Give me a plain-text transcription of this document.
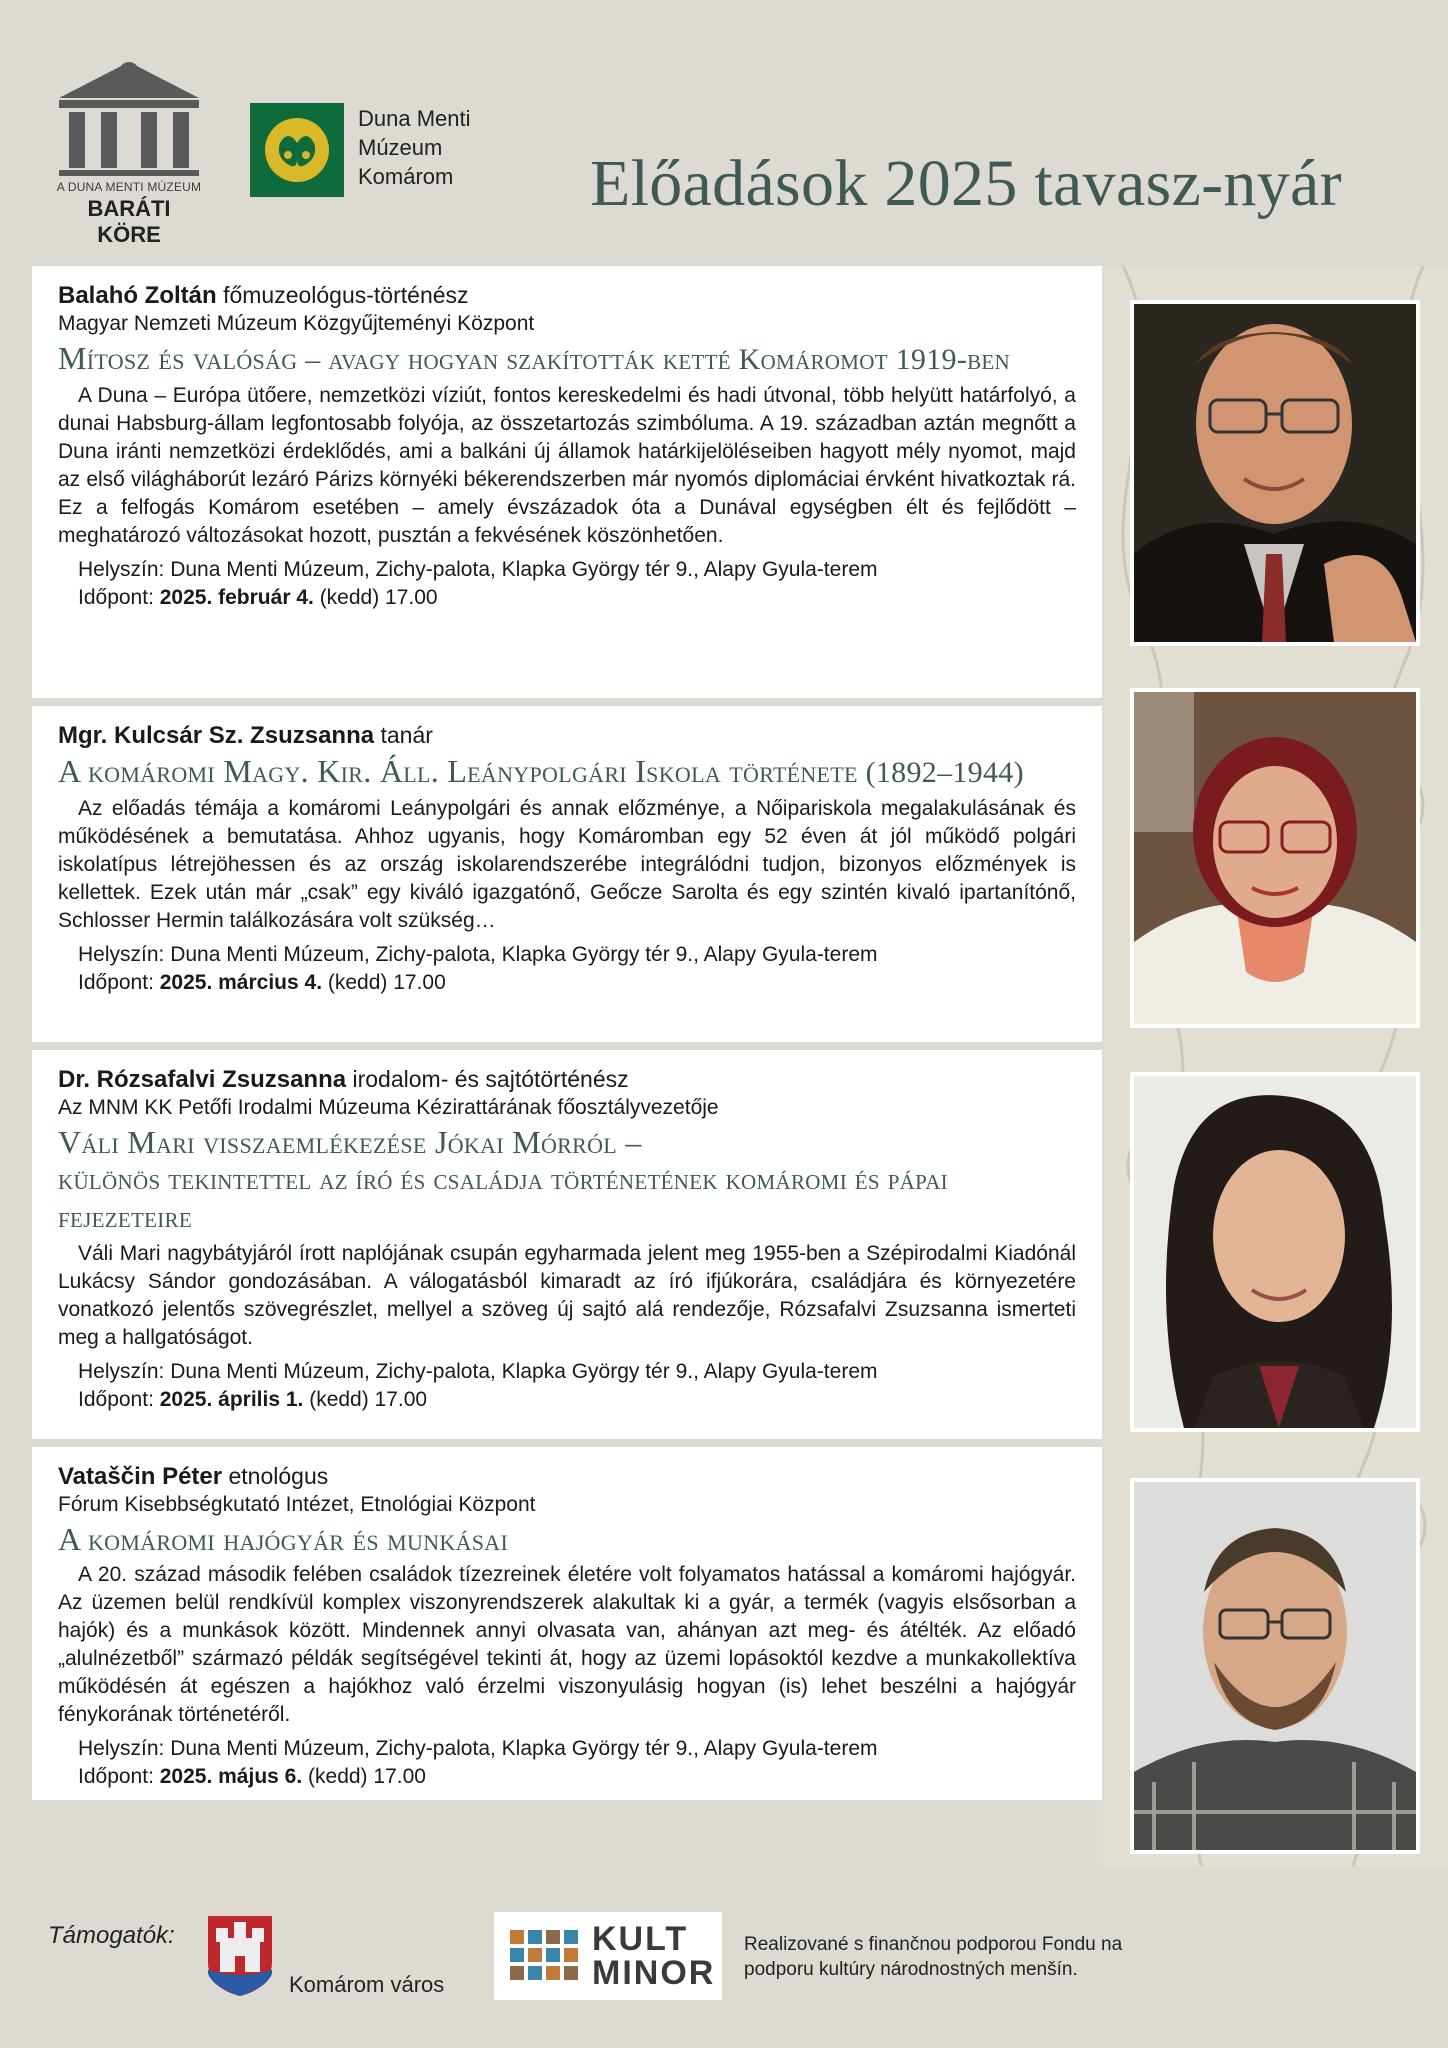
A DUNA MENTI MÚZEUM
BARÁTI KÖRE
Duna Menti
Múzeum
Komárom	Előadások 2025 tavasz-nyár
Balahó Zoltán főmuzeológus-történész
Magyar Nemzeti Múzeum Közgyűjteményi Központ
Mítosz és valóság – avagy hogyan szakították ketté Komáromot 1919-ben
A Duna – Európa ütőere, nemzetközi víziút, fontos kereskedelmi és hadi útvonal, több helyütt határfolyó, a dunai Habsburg-állam legfontosabb folyója, az összetartozás szimbóluma. A 19. században aztán megnőtt a Duna iránti nemzetközi érdeklődés, ami a balkáni új államok határkijelöléseiben hagyott mély nyomot, majd az első világháborút lezáró Párizs környéki békerendszerben már nyomós diplomáciai érvként hivatkoztak rá. Ez a felfogás Komárom esetében – amely évszázadok óta a Dunával egységben élt és fejlődött – meghatározó változásokat hozott, pusztán a fekvésének köszönhetően.
Helyszín: Duna Menti Múzeum, Zichy-palota, Klapka György tér 9., Alapy Gyula-terem
Időpont: 2025. február 4. (kedd) 17.00
Mgr. Kulcsár Sz. Zsuzsanna tanár
A komáromi Magy. Kir. Áll. Leánypolgári Iskola története (1892–1944)
Az előadás témája a komáromi Leánypolgári és annak előzménye, a Nőipariskola megalakulásának és működésének a bemutatása. Ahhoz ugyanis, hogy Komáromban egy 52 éven át jól működő polgári iskolatípus létrejöhessen és az ország iskolarendszerébe integrálódni tudjon, bizonyos előzmények is kellettek. Ezek után már „csak” egy kiváló igazgatónő, Geőcze Sarolta és egy szintén kivaló ipartanítónő, Schlosser Hermin találkozására volt szükség…
Helyszín: Duna Menti Múzeum, Zichy-palota, Klapka György tér 9., Alapy Gyula-terem
Időpont: 2025. március 4. (kedd) 17.00
Dr. Rózsafalvi Zsuzsanna irodalom- és sajtótörténész
Az MNM KK Petőfi Irodalmi Múzeuma Kézirattárának főosztályvezetője
Váli Mari visszaemlékezése Jókai Mórról –
különös tekintettel az író és családja történetének komáromi és pápai fejezeteire
Váli Mari nagybátyjáról írott naplójának csupán egyharmada jelent meg 1955-ben a Szépirodalmi Kiadónál Lukácsy Sándor gondozásában. A válogatásból kimaradt az író ifjúkorára, családjára és környezetére vonatkozó jelentős szövegrészlet, mellyel a szöveg új sajtó alá rendezője, Rózsafalvi Zsuzsanna ismerteti meg a hallgatóságot.
Helyszín: Duna Menti Múzeum, Zichy-palota, Klapka György tér 9., Alapy Gyula-terem
Időpont: 2025. április 1. (kedd) 17.00
Vataščin Péter etnológus
Fórum Kisebbségkutató Intézet, Etnológiai Központ
A komáromi hajógyár és munkásai
A 20. század második felében családok tízezreinek életére volt folyamatos hatással a komáromi hajógyár. Az üzemen belül rendkívül komplex viszonyrendszerek alakultak ki a gyár, a termék (vagyis elsősorban a hajók) és a munkások között. Mindennek annyi olvasata van, ahányan azt meg- és átélték. Az előadó „alulnézetből” származó példák segítségével tekinti át, hogy az üzemi lopásoktól kezdve a munkakollektíva működésén át egészen a hajókhoz való érzelmi viszonyulásig hogyan (is) lehet beszélni a hajógyár fénykorának történetéről.
Helyszín: Duna Menti Múzeum, Zichy-palota, Klapka György tér 9., Alapy Gyula-terem
Időpont: 2025. május 6. (kedd) 17.00
Támogatók:
Komárom város
KULT
MINOR
Realizované s finančnou podporou Fondu na podporu kultúry národnostných menšín.
